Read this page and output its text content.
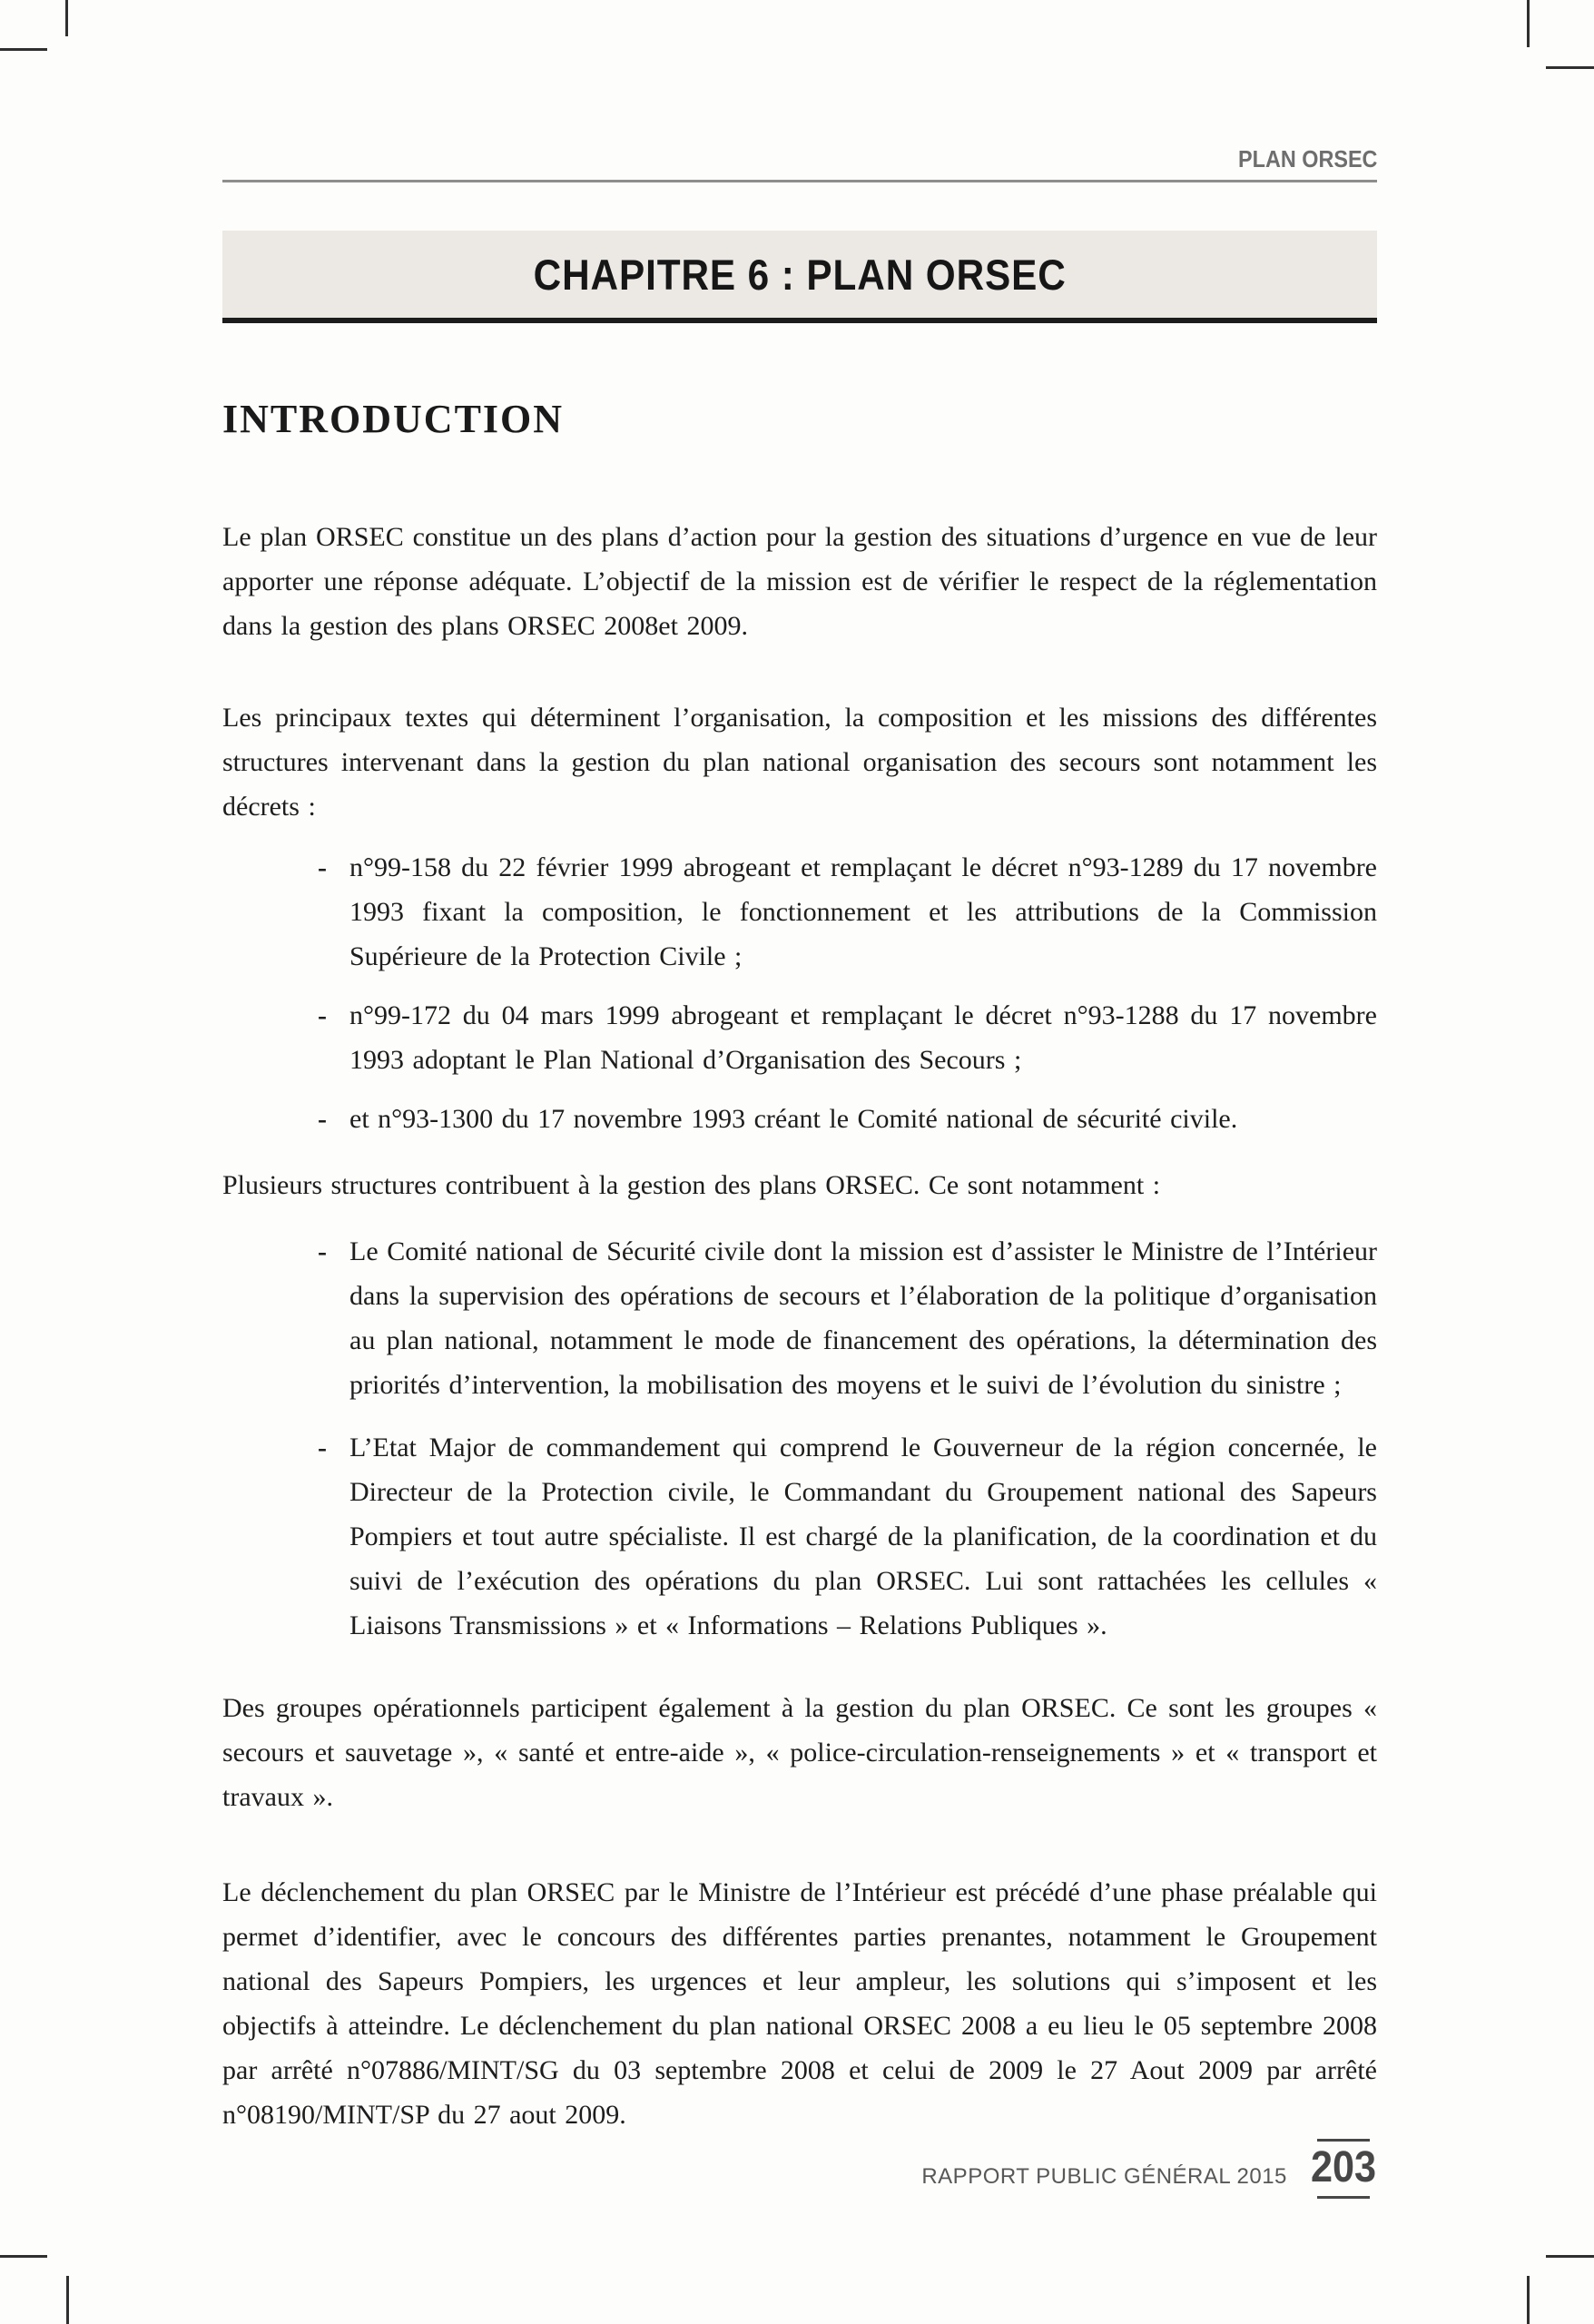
PLAN ORSEC
CHAPITRE 6 : PLAN ORSEC
INTRODUCTION

Le plan ORSEC constitue un des plans d’action pour la gestion des situations d’urgence en vue de leur apporter une réponse adéquate. L’objectif de la mission est de vérifier le respect de la réglementation dans la gestion des plans ORSEC 2008et 2009.

Les principaux textes qui déterminent l’organisation, la composition et les missions des différentes structures intervenant dans la gestion du plan national organisation des secours sont notamment les décrets :

- n°99-158 du 22 février 1999 abrogeant et remplaçant le décret n°93-1289 du 17 novembre 1993 fixant la composition, le fonctionnement et les attributions de la Commission Supérieure de la Protection Civile ;
- n°99-172 du 04 mars 1999 abrogeant et remplaçant le décret n°93-1288 du 17 novembre 1993 adoptant le Plan National d’Organisation des Secours ;
- et n°93-1300 du 17 novembre 1993 créant le Comité national de sécurité civile.

Plusieurs structures contribuent à la gestion des plans ORSEC. Ce sont notamment :

- Le Comité national de Sécurité civile dont la mission est d’assister le Ministre de l’Intérieur dans la supervision des opérations de secours et l’élaboration de la politique d’organisation au plan national, notamment le mode de financement des opérations, la détermination des priorités d’intervention, la mobilisation des moyens et le suivi de l’évolution du sinistre ;
- L’Etat Major de commandement qui comprend le Gouverneur de la région concernée, le Directeur de la Protection civile, le Commandant du Groupement national des Sapeurs Pompiers et tout autre spécialiste. Il est chargé de la planification, de la coordination et du suivi de l’exécution des opérations du plan ORSEC. Lui sont rattachées les cellules « Liaisons Transmissions » et « Informations – Relations Publiques ».

Des groupes opérationnels participent également à la gestion du plan ORSEC. Ce sont les groupes « secours et sauvetage », « santé et entre-aide », « police-circulation-renseignements » et « transport et travaux ».

Le déclenchement du plan ORSEC par le Ministre de l’Intérieur est précédé d’une phase préalable qui permet d’identifier, avec le concours des différentes parties prenantes, notamment le Groupement national des Sapeurs Pompiers, les urgences et leur ampleur, les solutions qui s’imposent et les objectifs à atteindre. Le déclenchement du plan national ORSEC 2008 a eu lieu le 05 septembre 2008 par arrêté n°07886/MINT/SG du 03 septembre 2008 et celui de 2009 le 27 Aout 2009 par arrêté n°08190/MINT/SP du 27 aout 2009.

RAPPORT PUBLIC GÉNÉRAL 2015 203
